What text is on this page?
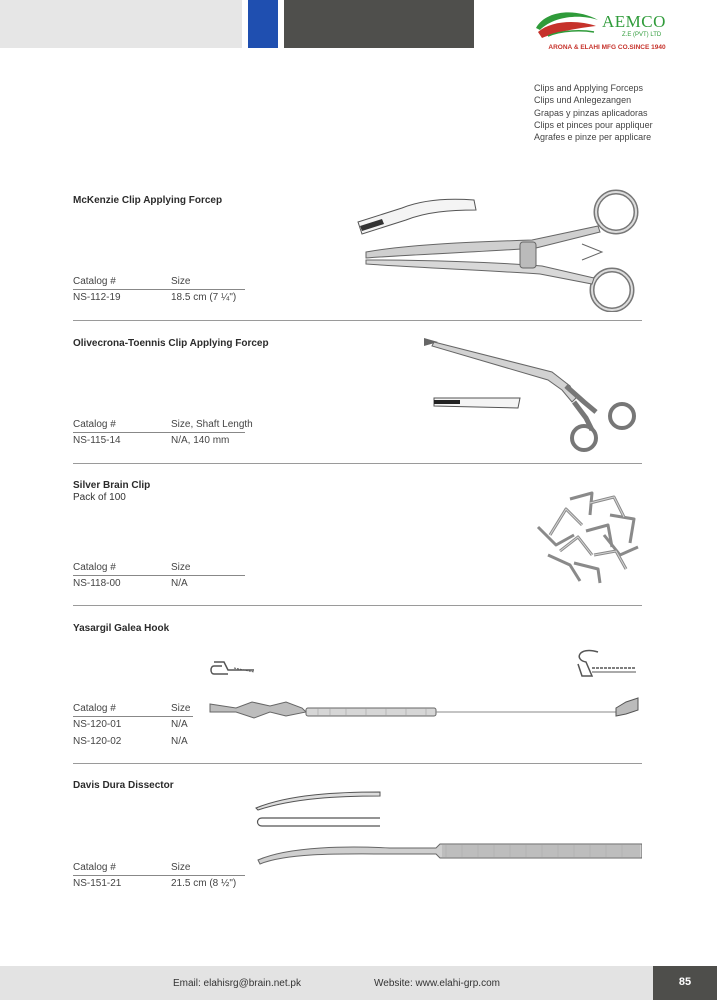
AEMCO
Z.E (PVT) LTD
ARONA & ELAHI MFG CO.SINCE 1940
Clips and Applying Forceps
Clips und Anlegezangen
Grapas y pinzas aplicadoras
Clips et pinces pour appliquer
Agrafes e pinze per applicare
McKenzie Clip Applying Forcep
Catalog #	Size
NS-112-19	18.5 cm (7 ¼")
Olivecrona-Toennis Clip Applying Forcep
Catalog #	Size, Shaft Length
NS-115-14	N/A, 140 mm
Silver Brain Clip
Pack of 100
Catalog #	Size
NS-118-00	N/A
Yasargil Galea Hook
Catalog #	Size
NS-120-01	N/A
NS-120-02	N/A
Davis Dura Dissector
Catalog #	Size
NS-151-21	21.5 cm (8 ½")
Email: elahisrg@brain.net.pk	Website: www.elahi-grp.com	85
